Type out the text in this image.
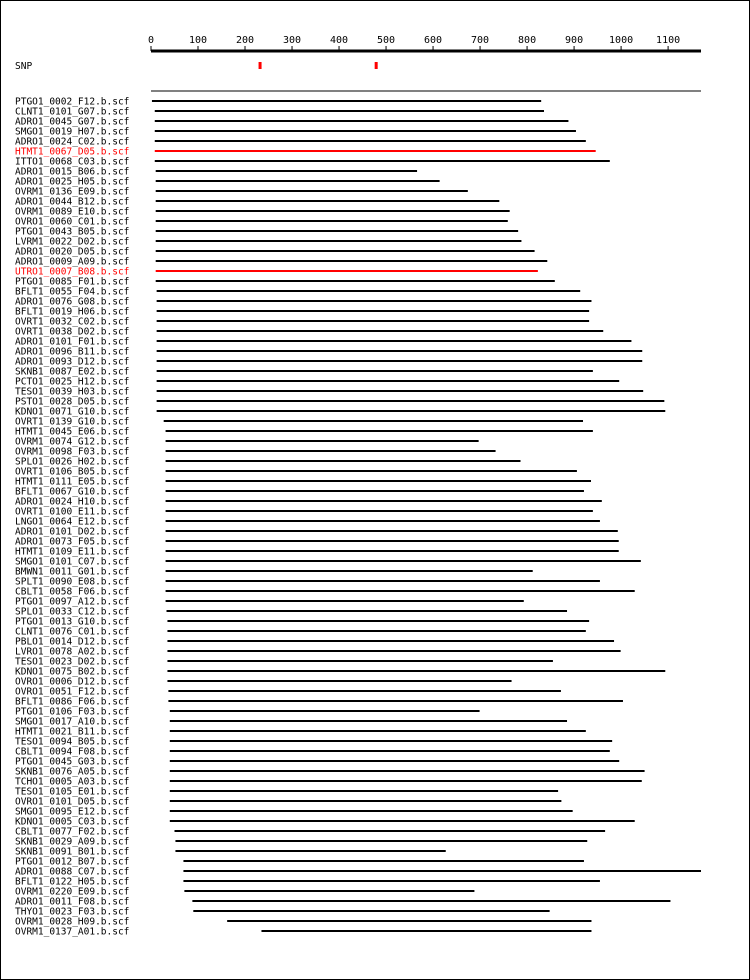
0	100	200	300	400	500	600	700	800	900	1000 1100
SNP
PTGO1_0002_F12.b.scf
CLNT1_0101_G07.b.scf
ADRO1_0045_G07.b.scf
SMGO1_0019_H07.b.scf
ADRO1_0024_C02.b.scf
HTMT1_0067_D05.b.scf
ITTO1_0068_C03.b.scf
ADRO1_0015_B06.b.scf
ADRO1_0025_H05.b.scf
OVRM1_0136_E09.b.scf
ADRO1_0044_B12.b.scf
OVRM1_0089_E10.b.scf
OVRO1_0060_C01.b.scf
PTGO1_0043_B05.b.scf
LVRM1_0022_D02.b.scf
ADRO1_0020_D05.b.scf
ADRO1_0009_A09.b.scf
UTRO1_0007_B08.b.scf
PTGO1_0085_F01.b.scf
BFLT1_0055_F04.b.scf
ADRO1_0076_G08.b.scf
BFLT1_0019_H06.b.scf
OVRT1_0032_C02.b.scf
OVRT1_0038_D02.b.scf
ADRO1_0101_F01.b.scf
ADRO1_0096_B11.b.scf
ADRO1_0093_D12.b.scf
SKNB1_0087_E02.b.scf
PCTO1_0025_H12.b.scf
TESO1_0039_H03.b.scf
PSTO1_0028_D05.b.scf
KDNO1_0071_G10.b.scf
OVRT1_0139_G10.b.scf
HTMT1_0045_E06.b.scf
OVRM1_0074_G12.b.scf
OVRM1_0098_F03.b.scf
SPLO1_0026_H02.b.scf
OVRT1_0106_B05.b.scf
HTMT1_0111_E05.b.scf
BFLT1_0067_G10.b.scf
ADRO1_0024_H10.b.scf
OVRT1_0100_E11.b.scf
LNGO1_0064_E12.b.scf
ADRO1_0101_D02.b.scf
ADRO1_0073_F05.b.scf
HTMT1_0109_E11.b.scf
SMGO1_0101_C07.b.scf
BMWN1_0011_G01.b.scf
SPLT1_0090_E08.b.scf
CBLT1_0058_F06.b.scf
PTGO1_0097_A12.b.scf
SPLO1_0033_C12.b.scf
PTGO1_0013_G10.b.scf
CLNT1_0076_C01.b.scf
PBLO1_0014_D12.b.scf
LVRO1_0078_A02.b.scf
TESO1_0023_D02.b.scf
KDNO1_0075_B02.b.scf
OVRO1_0006_D12.b.scf
OVRO1_0051_F12.b.scf
BFLT1_0086_F06.b.scf
PTGO1_0106_F03.b.scf
SMGO1_0017_A10.b.scf
HTMT1_0021_B11.b.scf
TESO1_0094_B05.b.scf
CBLT1_0094_F08.b.scf
PTGO1_0045_G03.b.scf
SKNB1_0076_A05.b.scf
TCHO1_0005_A03.b.scf
TESO1_0105_E01.b.scf
OVRO1_0101_D05.b.scf
SMGO1_0095_E12.b.scf
KDNO1_0005_C03.b.scf
CBLT1_0077_F02.b.scf
SKNB1_0029_A09.b.scf
SKNB1_0091_B01.b.scf
PTGO1_0012_B07.b.scf
ADRO1_0088_C07.b.scf
BFLT1_0122_H05.b.scf
OVRM1_0220_E09.b.scf
ADRO1_0011_F08.b.scf
THYO1_0023_F03.b.scf
OVRM1_0028_H09.b.scf
OVRM1_0137_A01.b.scf
